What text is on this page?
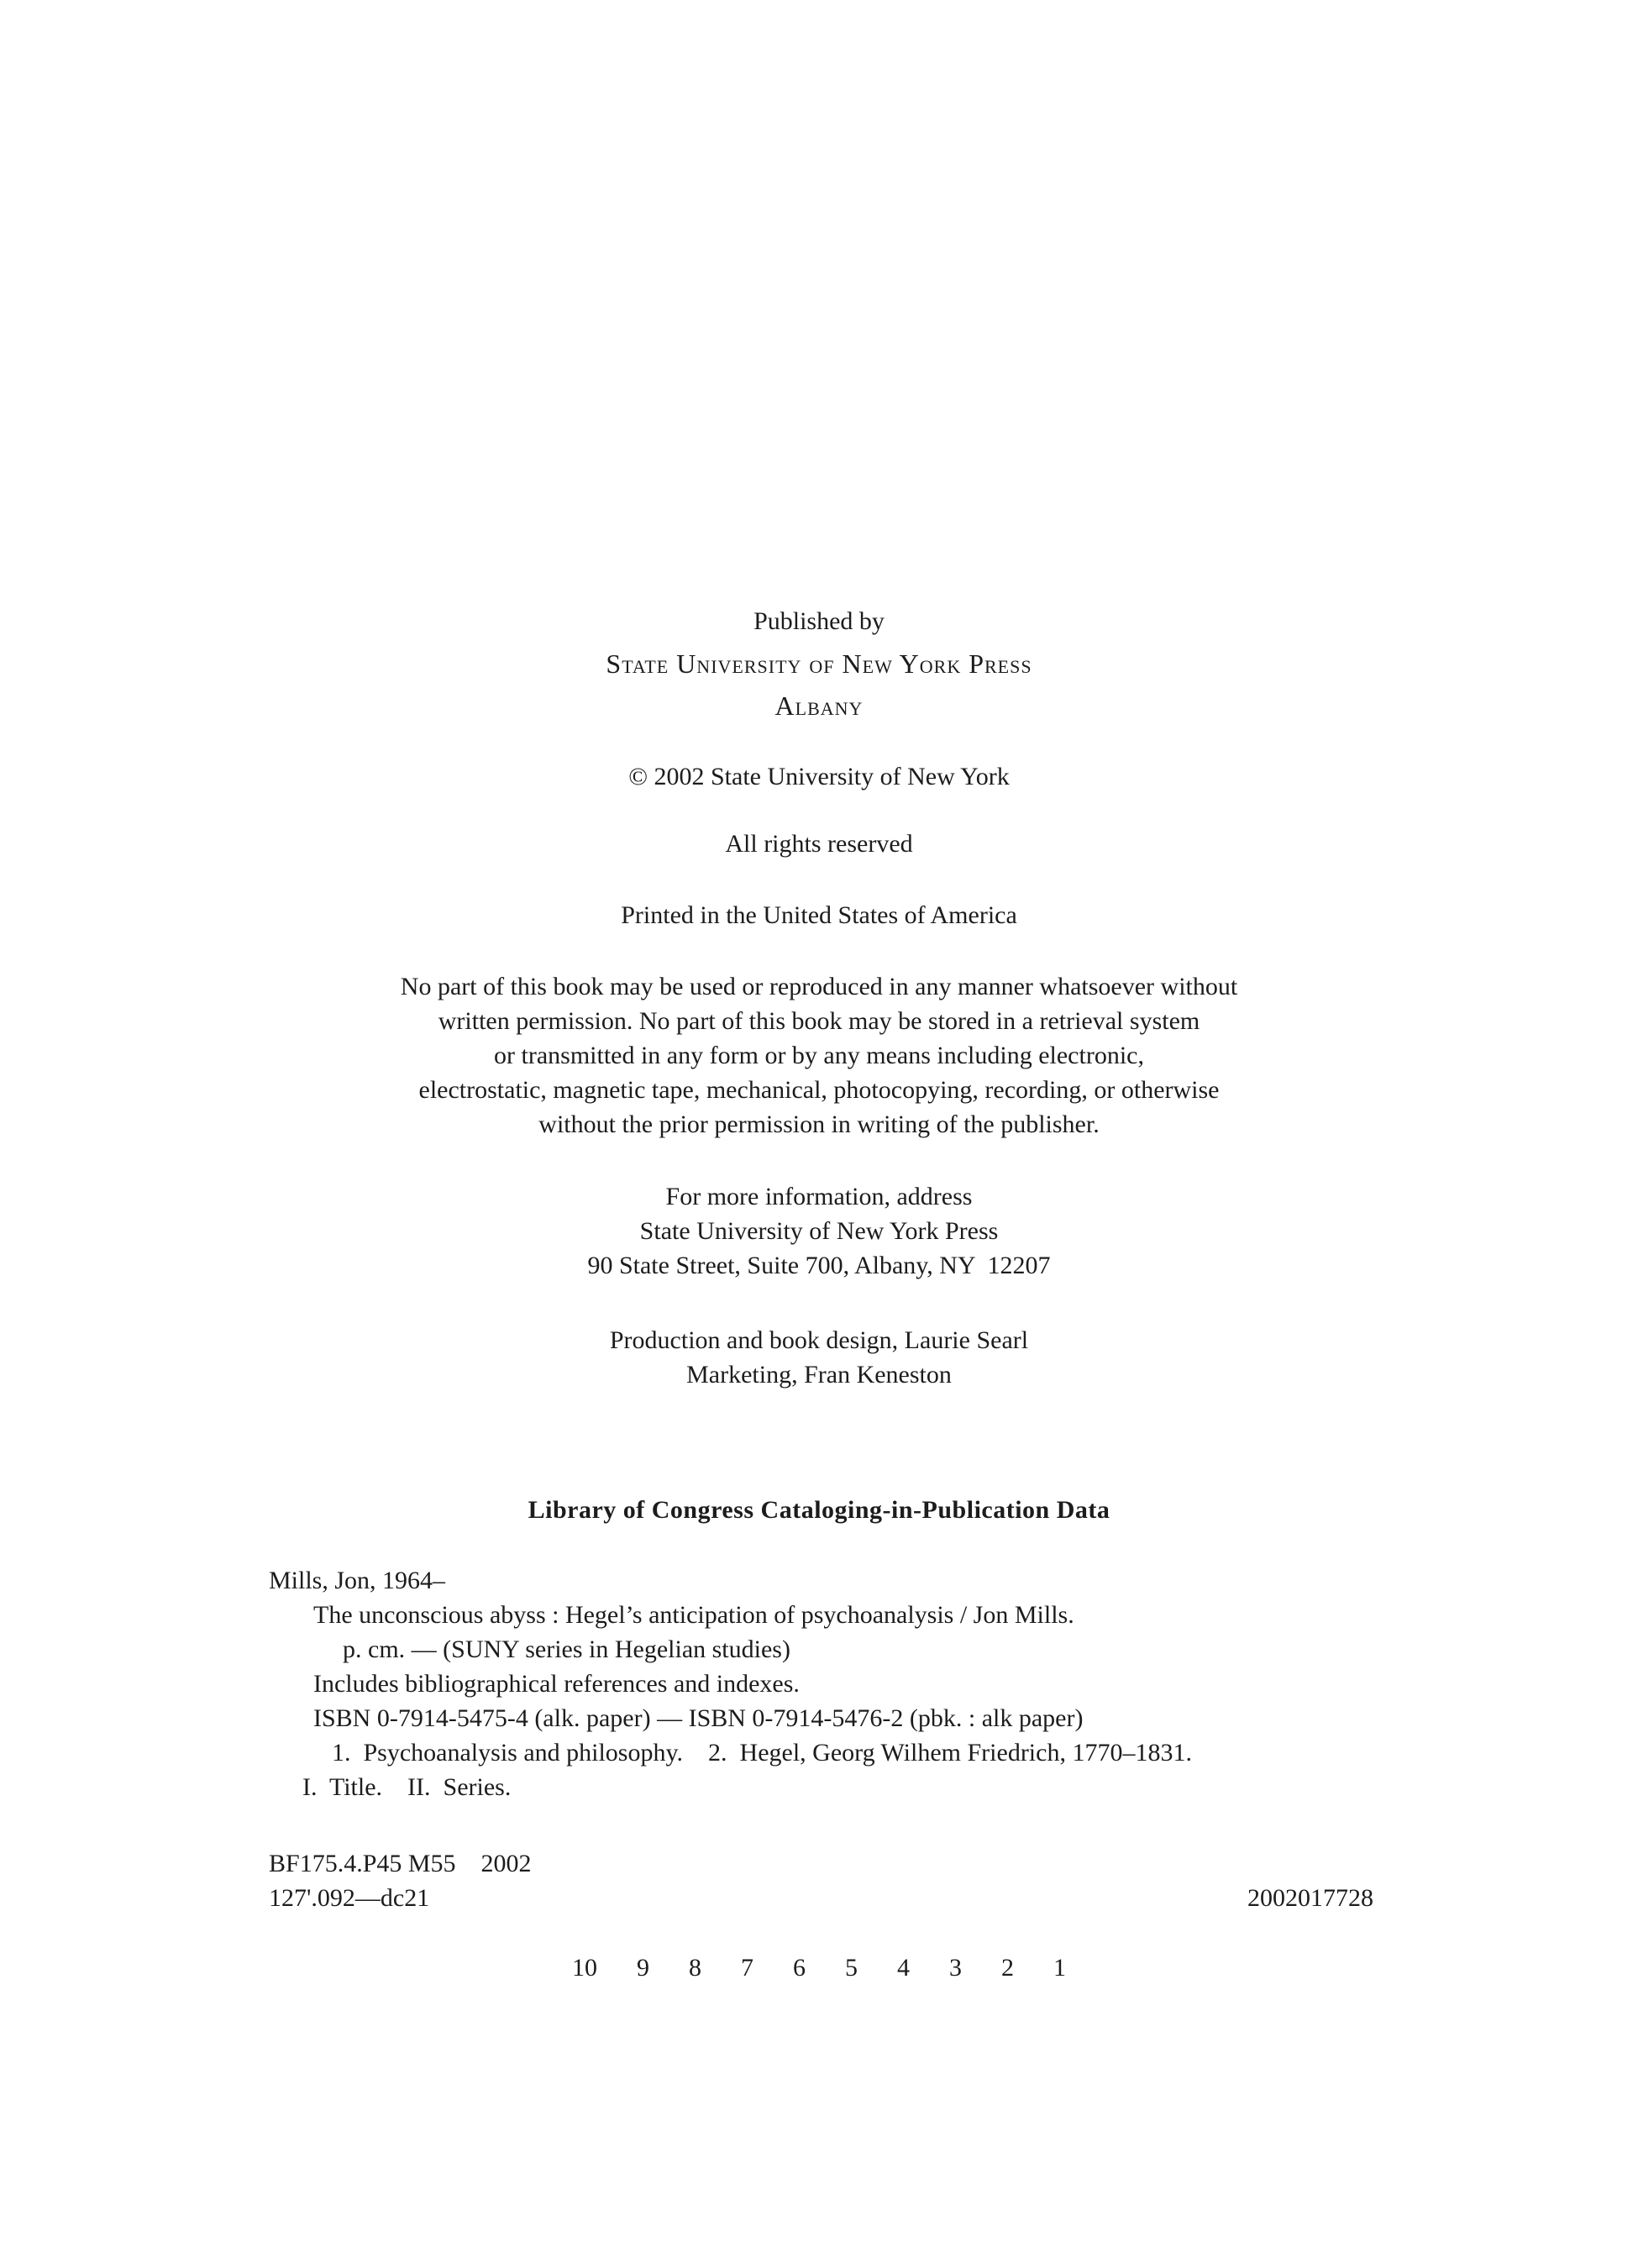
Published by
State University of New York Press
Albany
© 2002 State University of New York
All rights reserved
Printed in the United States of America
No part of this book may be used or reproduced in any manner whatsoever without
written permission. No part of this book may be stored in a retrieval system
or transmitted in any form or by any means including electronic,
electrostatic, magnetic tape, mechanical, photocopying, recording, or otherwise
without the prior permission in writing of the publisher.
For more information, address
State University of New York Press
90 State Street, Suite 700, Albany, NY  12207
Production and book design, Laurie Searl
Marketing, Fran Keneston
Library of Congress Cataloging-in-Publication Data
Mills, Jon, 1964–
The unconscious abyss : Hegel’s anticipation of psychoanalysis / Jon Mills.
p. cm. — (SUNY series in Hegelian studies)
Includes bibliographical references and indexes.
ISBN 0-7914-5475-4 (alk. paper) — ISBN 0-7914-5476-2 (pbk. : alk paper)
1.  Psychoanalysis and philosophy.    2.  Hegel, Georg Wilhem Friedrich, 1770–1831.
I.  Title.    II.  Series.
BF175.4.P45 M55    2002
127'.092—dc21	2002017728
10 9 8 7 6 5 4 3 2 1
